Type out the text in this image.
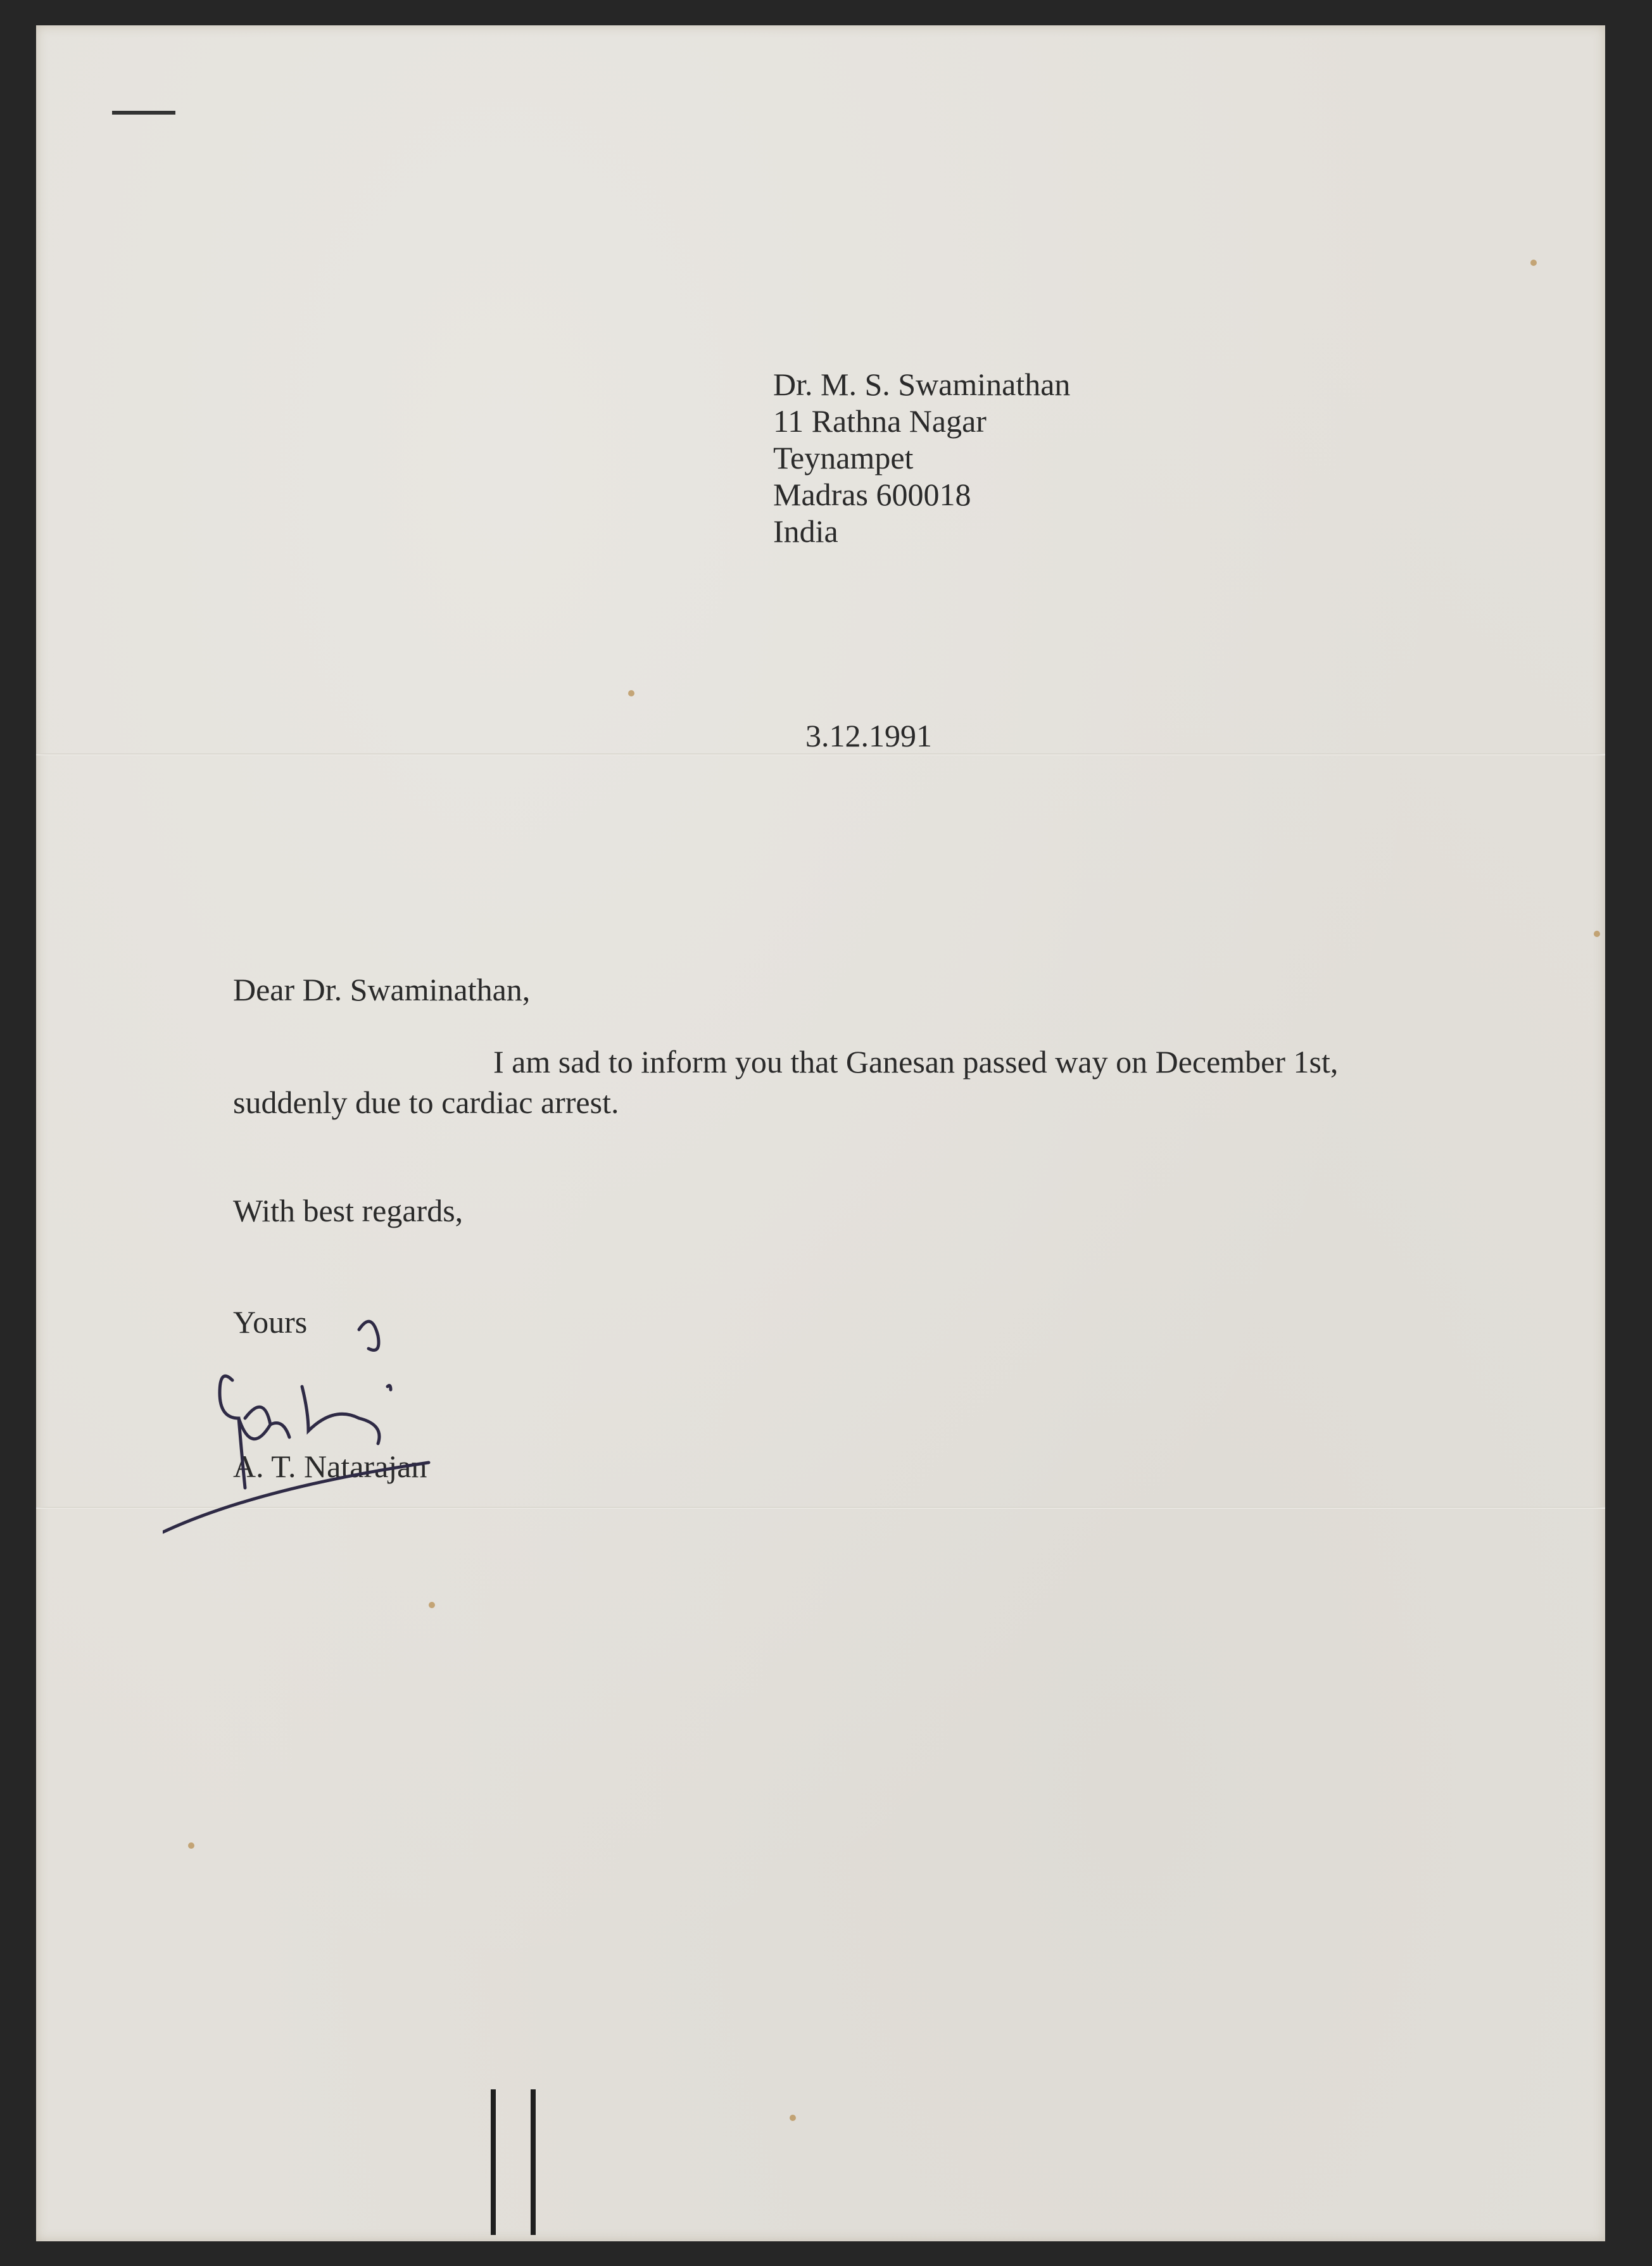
Dr. M. S. Swaminathan
11 Rathna Nagar
Teynampet
Madras 600018
India
3.12.1991
Dear Dr. Swaminathan,
I am sad to inform you that Ganesan passed way on December 1st,
suddenly due to cardiac arrest.
With best regards,
Yours
A. T. Natarajan
